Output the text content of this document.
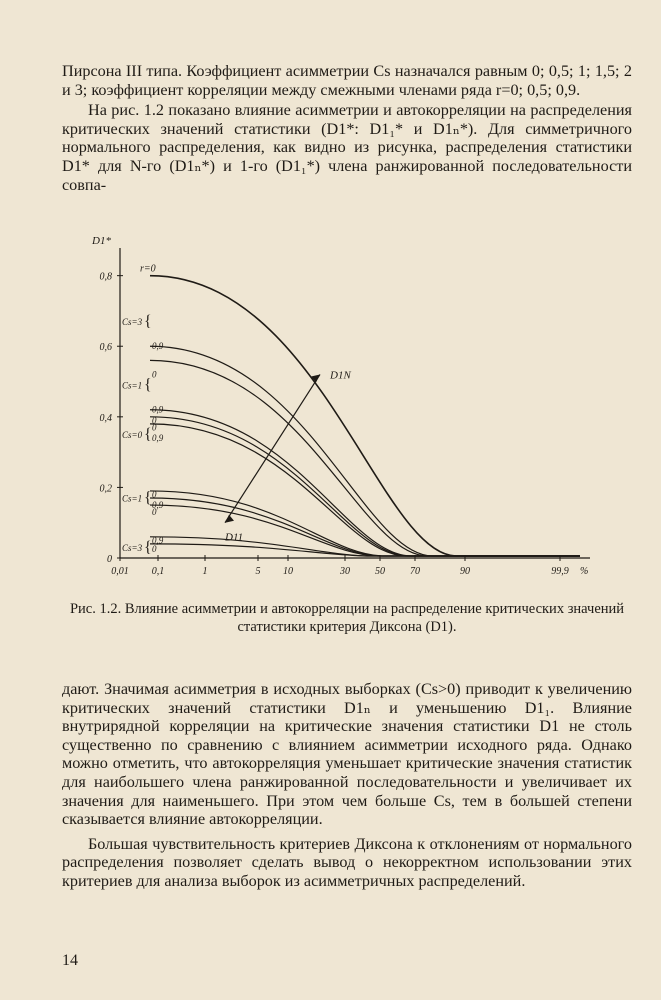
Пирсона III типа. Коэффициент асимметрии Cs назначался равным 0; 0,5; 1; 1,5; 2 и 3; коэффициент корреляции между смежными членами ряда r=0; 0,5; 0,9.

На рис. 1.2 показано влияние асимметрии и автокорреляции на распределения критических значений статистики (D1*: D1₁* и D1ₙ*). Для симметричного нормального распределения, как видно из рисунка, распределения статистики D1* для N-го (D1ₙ*) и 1-го (D1₁*) члена ранжированной последовательности совпа-

D1*
0
0,2
0,4
0,6
0,8
0,01 0,1	1	5 10	30	50	70	90	99,9 %
r=0
Cs=3 {
Cs=1 {
Cs=0 {
Cs=1 {
Cs=3 {
0,9
0
0,9
0
0
0,9
0
0,9
0
0,9
0
D1N
D11
Рис. 1.2. Влияние асимметрии и автокорреляции на распределение критических значений статистики критерия Диксона (D1).

дают. Значимая асимметрия в исходных выборках (Cs>0) приводит к увеличению критических значений статистики D1ₙ и уменьшению D1₁. Влияние внутрирядной корреляции на критические значения статистики D1 не столь существенно по сравнению с влиянием асимметрии исходного ряда. Однако можно отметить, что автокорреляция уменьшает критические значения статистик для наибольшего члена ранжированной последовательности и увеличивает их значения для наименьшего. При этом чем больше Cs, тем в большей степени сказывается влияние автокорреляции.

Большая чувствительность критериев Диксона к отклонениям от нормального распределения позволяет сделать вывод о некорректном использовании этих критериев для анализа выборок из асимметричных распределений.

14
